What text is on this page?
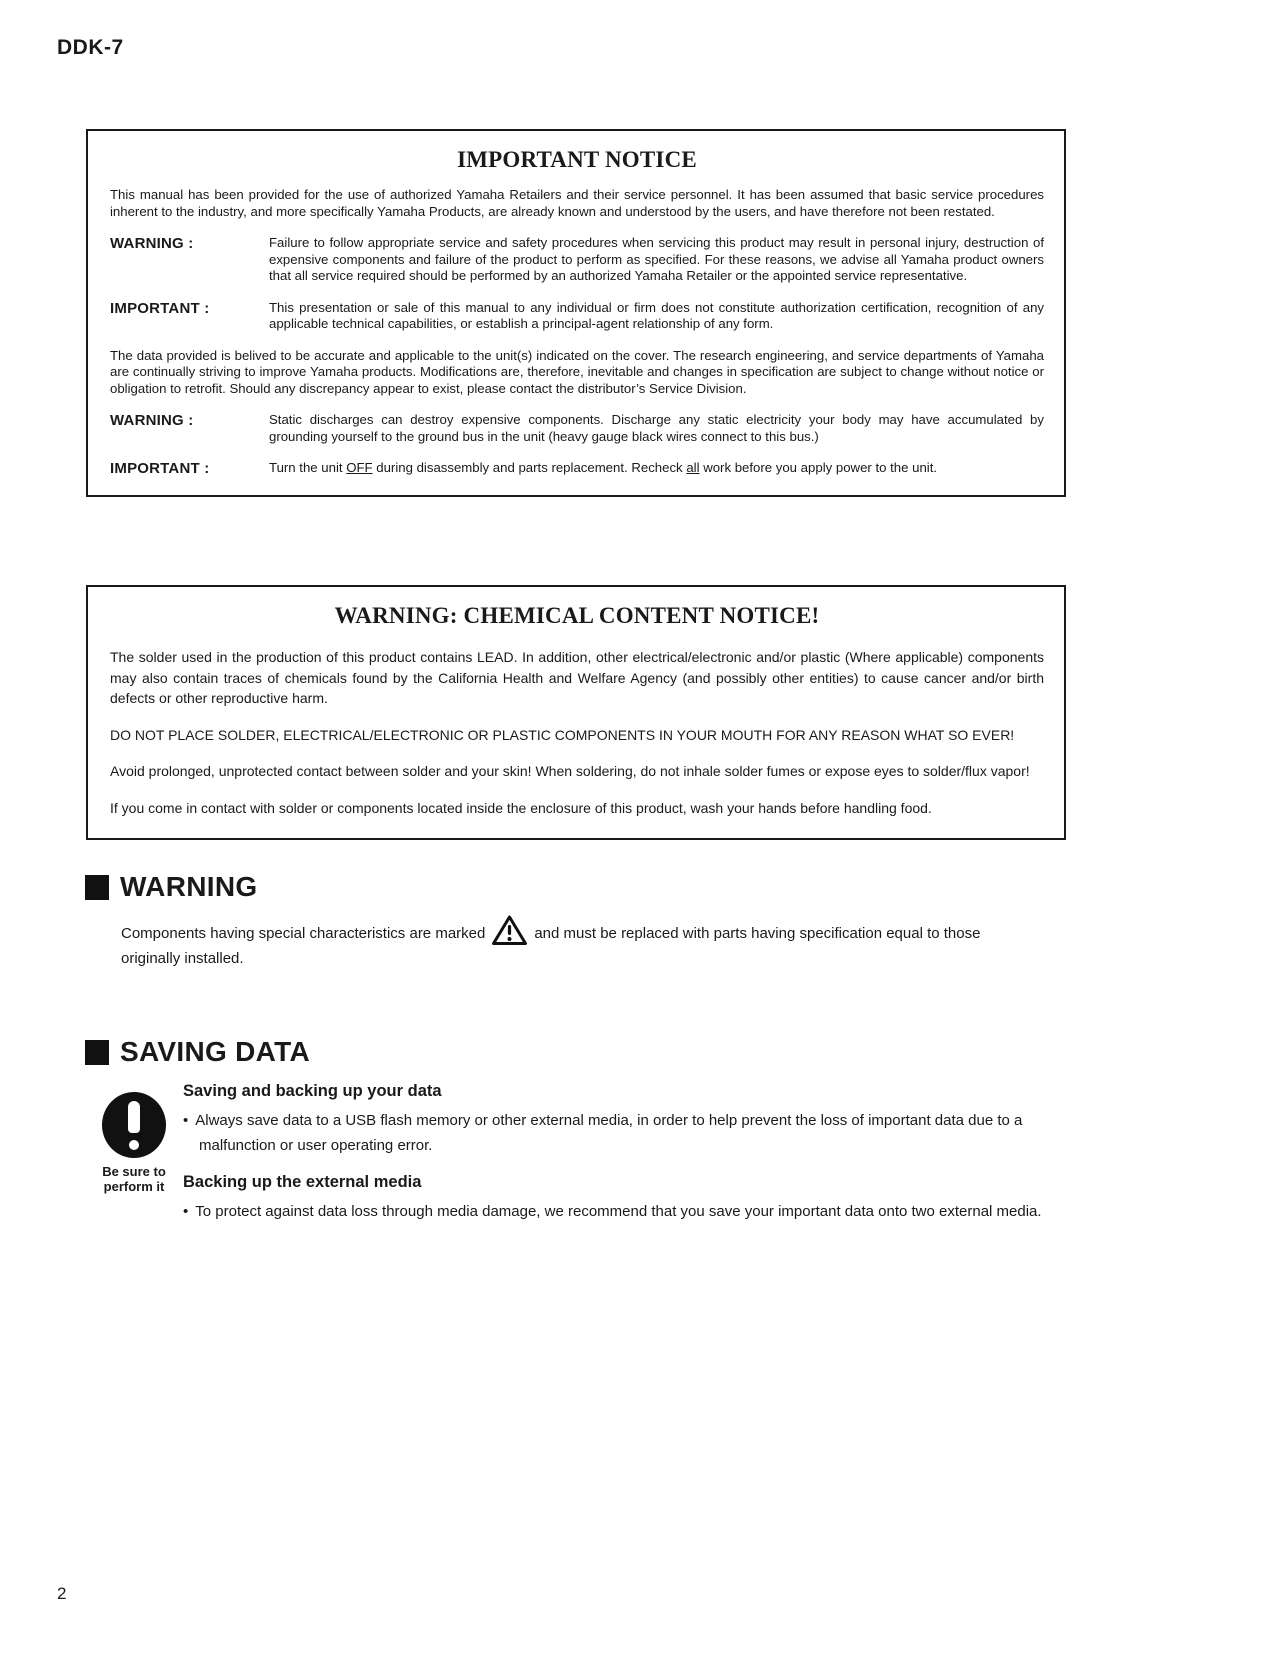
DDK-7
IMPORTANT NOTICE

This manual has been provided for the use of authorized Yamaha Retailers and their service personnel. It has been assumed that basic service procedures inherent to the industry, and more specifically Yamaha Products, are already known and understood by the users, and have therefore not been restated.

WARNING :	Failure to follow appropriate service and safety procedures when servicing this product may result in personal injury, destruction of expensive components and failure of the product to perform as specified. For these reasons, we advise all Yamaha product owners that all service required should be performed by an authorized Yamaha Retailer or the appointed service representative.
IMPORTANT :	This presentation or sale of this manual to any individual or firm does not constitute authorization certification, recognition of any applicable technical capabilities, or establish a principal-agent relationship of any form.

The data provided is belived to be accurate and applicable to the unit(s) indicated on the cover. The research engineering, and service departments of Yamaha are continually striving to improve Yamaha products. Modifications are, therefore, inevitable and changes in specification are subject to change without notice or obligation to retrofit. Should any discrepancy appear to exist, please contact the distributor’s Service Division.

WARNING :	Static discharges can destroy expensive components. Discharge any static electricity your body may have accumulated by grounding yourself to the ground bus in the unit (heavy gauge black wires connect to this bus.)
IMPORTANT :	Turn the unit OFF during disassembly and parts replacement. Recheck all work before you apply power to the unit.
WARNING: CHEMICAL CONTENT NOTICE!

The solder used in the production of this product contains LEAD. In addition, other electrical/electronic and/or plastic (Where applicable) components may also contain traces of chemicals found by the California Health and Welfare Agency (and possibly other entities) to cause cancer and/or birth defects or other reproductive harm.

DO NOT PLACE SOLDER, ELECTRICAL/ELECTRONIC OR PLASTIC COMPONENTS IN YOUR MOUTH FOR ANY REASON WHAT SO EVER!

Avoid prolonged, unprotected contact between solder and your skin! When soldering, do not inhale solder fumes or expose eyes to solder/flux vapor!

If you come in contact with solder or components located inside the enclosure of this product, wash your hands before handling food.

WARNING
Components having special characteristics are marked	and must be replaced with parts having specification equal to those originally installed.
SAVING DATA
Be sure to
perform it
Saving and backing up your data
• Always save data to a USB flash memory or other external media, in order to help prevent the loss of important data due to a malfunction or user operating error.
Backing up the external media
• To protect against data loss through media damage, we recommend that you save your important data onto two external media.
2
